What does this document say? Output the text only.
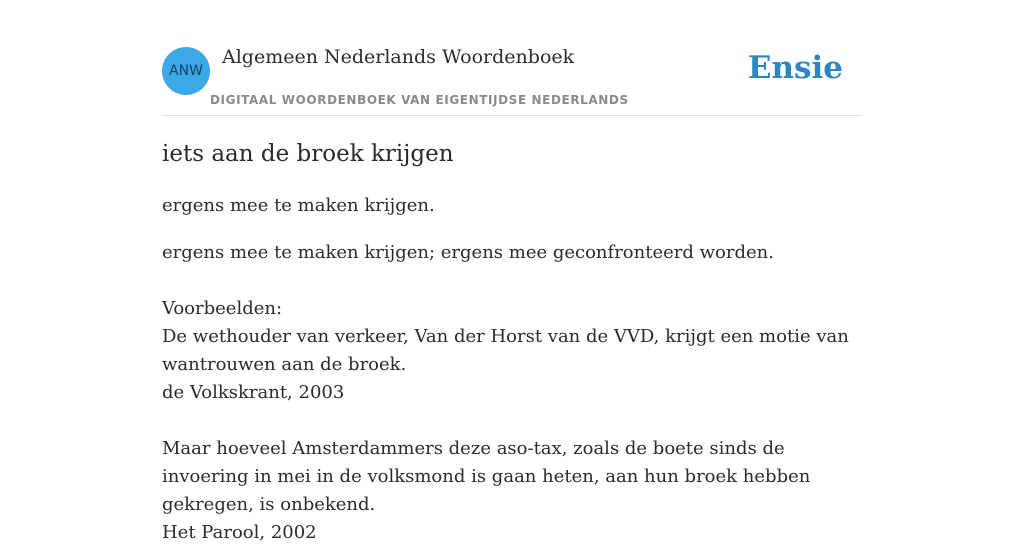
ANW
Algemeen Nederlands Woordenboek
DIGITAAL WOORDENBOEK VAN EIGENTIJDSE NEDERLANDS
Ensie
iets aan de broek krijgen
ergens mee te maken krijgen.

ergens mee te maken krijgen; ergens mee geconfronteerd worden.

Voorbeelden:

De wethouder van verkeer, Van der Horst van de VVD, krijgt een motie van wantrouwen aan de broek.

de Volkskrant, 2003

Maar hoeveel Amsterdammers deze aso-tax, zoals de boete sinds de invoering in mei in de volksmond is gaan heten, aan hun broek hebben gekregen, is onbekend.

Het Parool, 2002
